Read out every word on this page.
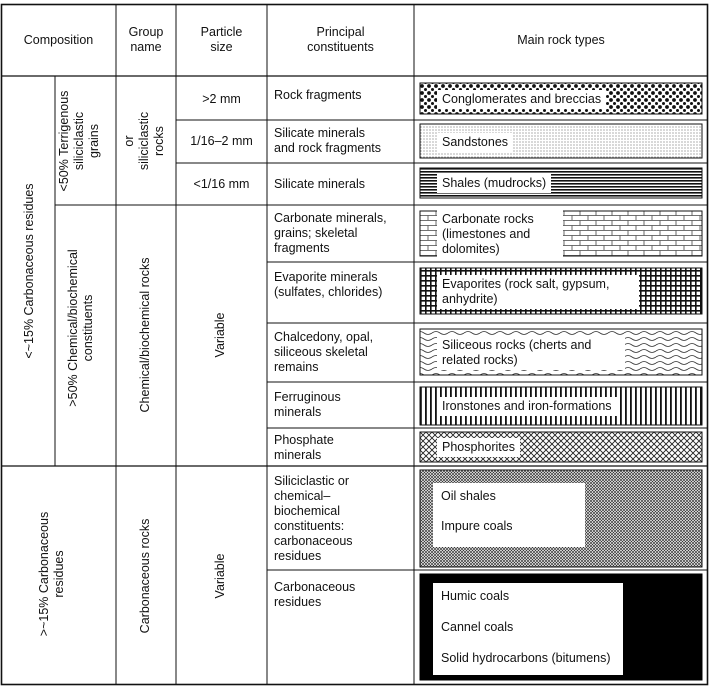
Composition
Group
name
Particle
size
Principal
constituents	Main rock types
<~15% Carbonaceous residues
<50% Terrigenous
siliciclastic
grains
>50% Chemical/biochemical
constituents
>~15% Carbonaceous
residues
or
siliciclastic
rocks
Chemical/biochemical rocks
Carbonaceous rocks
>2 mm
1/16–2 mm
<1/16 mm
Variable
Variable
Rock fragments
Silicate minerals
and rock fragments
Silicate minerals
Carbonate minerals,
grains; skeletal
fragments
Evaporite minerals
(sulfates, chlorides)
Chalcedony, opal,
siliceous skeletal
remains
Ferruginous
minerals
Phosphate
minerals
Siliciclastic or
chemical–
biochemical
constituents:
carbonaceous
residues
Carbonaceous
residues
Conglomerates and breccias
Sandstones
Shales (mudrocks)
Carbonate rocks
(limestones and
dolomites)
Evaporites (rock salt, gypsum,
anhydrite)
Siliceous rocks (cherts and
related rocks)
Ironstones and iron-formations
Phosphorites
Oil shales
Impure coals
Humic coals
Cannel coals
Solid hydrocarbons (bitumens)
